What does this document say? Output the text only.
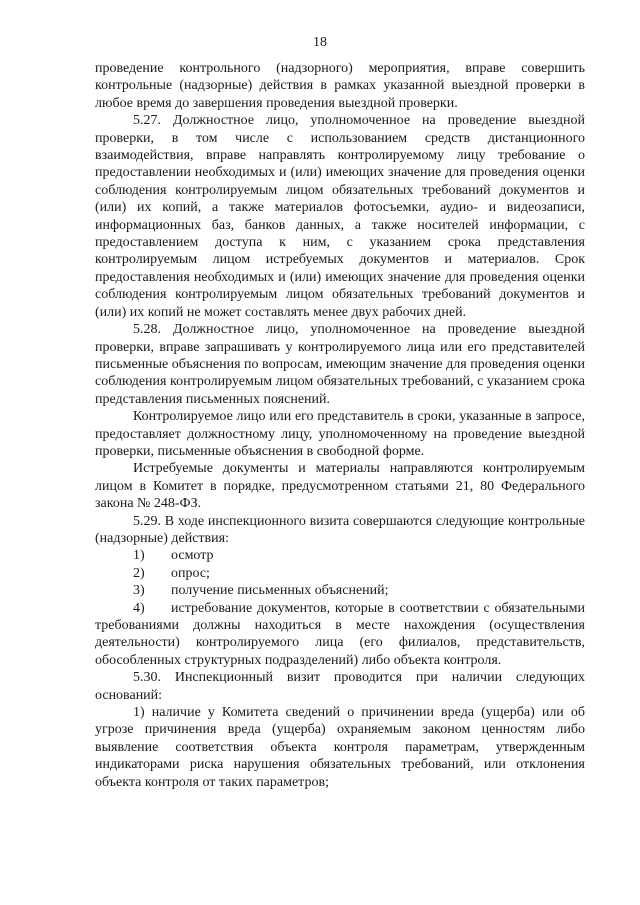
18

проведение контрольного (надзорного) мероприятия, вправе совершить контрольные (надзорные) действия в рамках указанной выездной проверки в любое время до завершения проведения выездной проверки.

5.27. Должностное лицо, уполномоченное на проведение выездной проверки, в том числе с использованием средств дистанционного взаимодействия, вправе направлять контролируемому лицу требование о предоставлении необходимых и (или) имеющих значение для проведения оценки соблюдения контролируемым лицом обязательных требований документов и (или) их копий, а также материалов фотосъемки, аудио- и видеозаписи, информационных баз, банков данных, а также носителей информации, с предоставлением доступа к ним, с указанием срока представления контролируемым лицом истребуемых документов и материалов. Срок предоставления необходимых и (или) имеющих значение для проведения оценки соблюдения контролируемым лицом обязательных требований документов и (или) их копий не может составлять менее двух рабочих дней.

5.28. Должностное лицо, уполномоченное на проведение выездной проверки, вправе запрашивать у контролируемого лица или его представителей письменные объяснения по вопросам, имеющим значение для проведения оценки соблюдения контролируемым лицом обязательных требований, с указанием срока представления письменных пояснений.

Контролируемое лицо или его представитель в сроки, указанные в запросе, предоставляет должностному лицу, уполномоченному на проведение выездной проверки, письменные объяснения в свободной форме.

Истребуемые документы и материалы направляются контролируемым лицом в Комитет в порядке, предусмотренном статьями 21, 80 Федерального закона № 248-ФЗ.

5.29. В ходе инспекционного визита совершаются следующие контрольные (надзорные) действия:

1) осмотр

2) опрос;

3) получение письменных объяснений;

4) истребование документов, которые в соответствии с обязательными требованиями должны находиться в месте нахождения (осуществления деятельности) контролируемого лица (его филиалов, представительств, обособленных структурных подразделений) либо объекта контроля.

5.30. Инспекционный визит проводится при наличии следующих оснований:

1) наличие у Комитета сведений о причинении вреда (ущерба) или об угрозе причинения вреда (ущерба) охраняемым законом ценностям либо выявление соответствия объекта контроля параметрам, утвержденным индикаторами риска нарушения обязательных требований, или отклонения объекта контроля от таких параметров;
